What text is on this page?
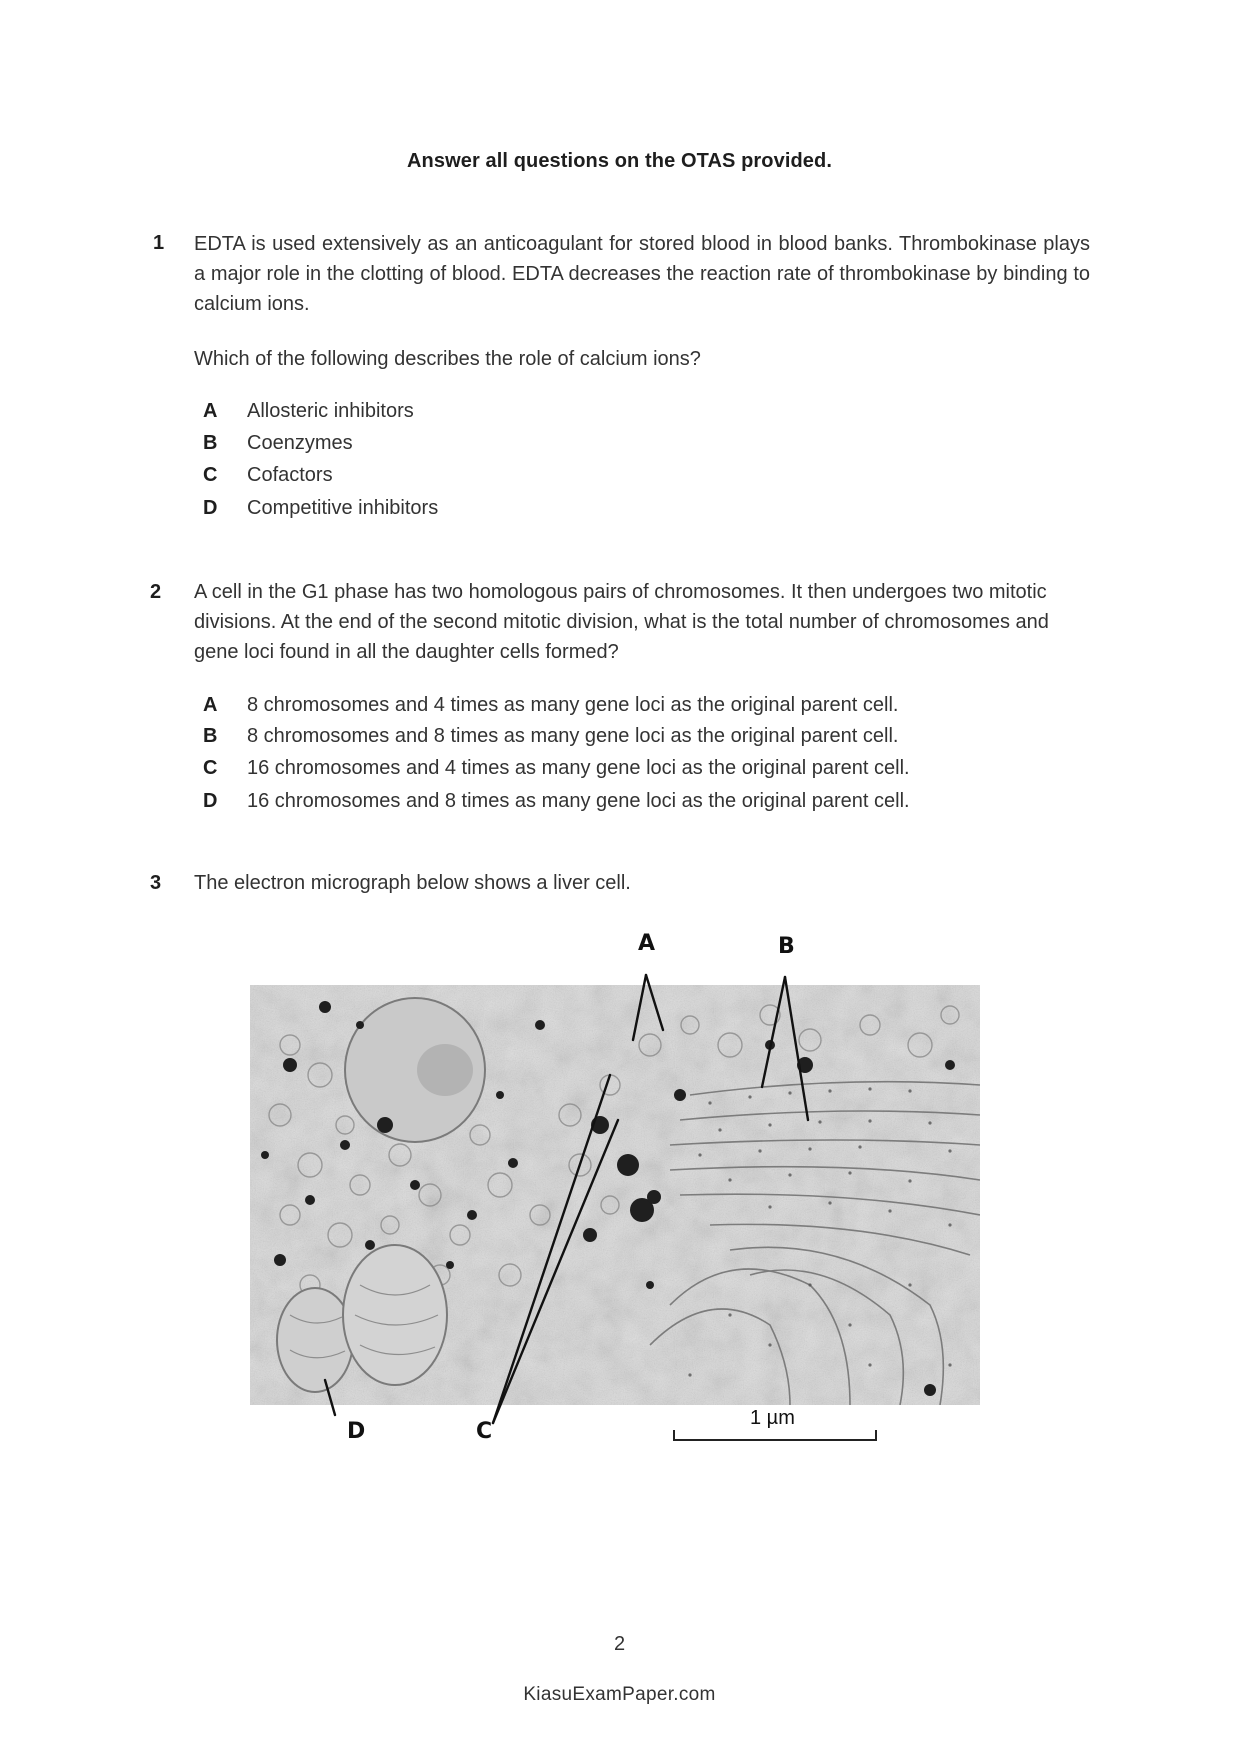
Answer all questions on the OTAS provided.
1 EDTA is used extensively as an anticoagulant for stored blood in blood banks. Thrombokinase plays a major role in the clotting of blood. EDTA decreases the reaction rate of thrombokinase by binding to calcium ions.
Which of the following describes the role of calcium ions?
A	Allosteric inhibitors
B	Coenzymes
C	Cofactors
D	Competitive inhibitors
2 A cell in the G1 phase has two homologous pairs of chromosomes. It then undergoes two mitotic divisions. At the end of the second mitotic division, what is the total number of chromosomes and gene loci found in all the daughter cells formed?
A	8 chromosomes and 4 times as many gene loci as the original parent cell.
B	8 chromosomes and 8 times as many gene loci as the original parent cell.
C	16 chromosomes and 4 times as many gene loci as the original parent cell.
D	16 chromosomes and 8 times as many gene loci as the original parent cell.
3 The electron micrograph below shows a liver cell.
A	B
C
D
1 µm
2
KiasuExamPaper.com
